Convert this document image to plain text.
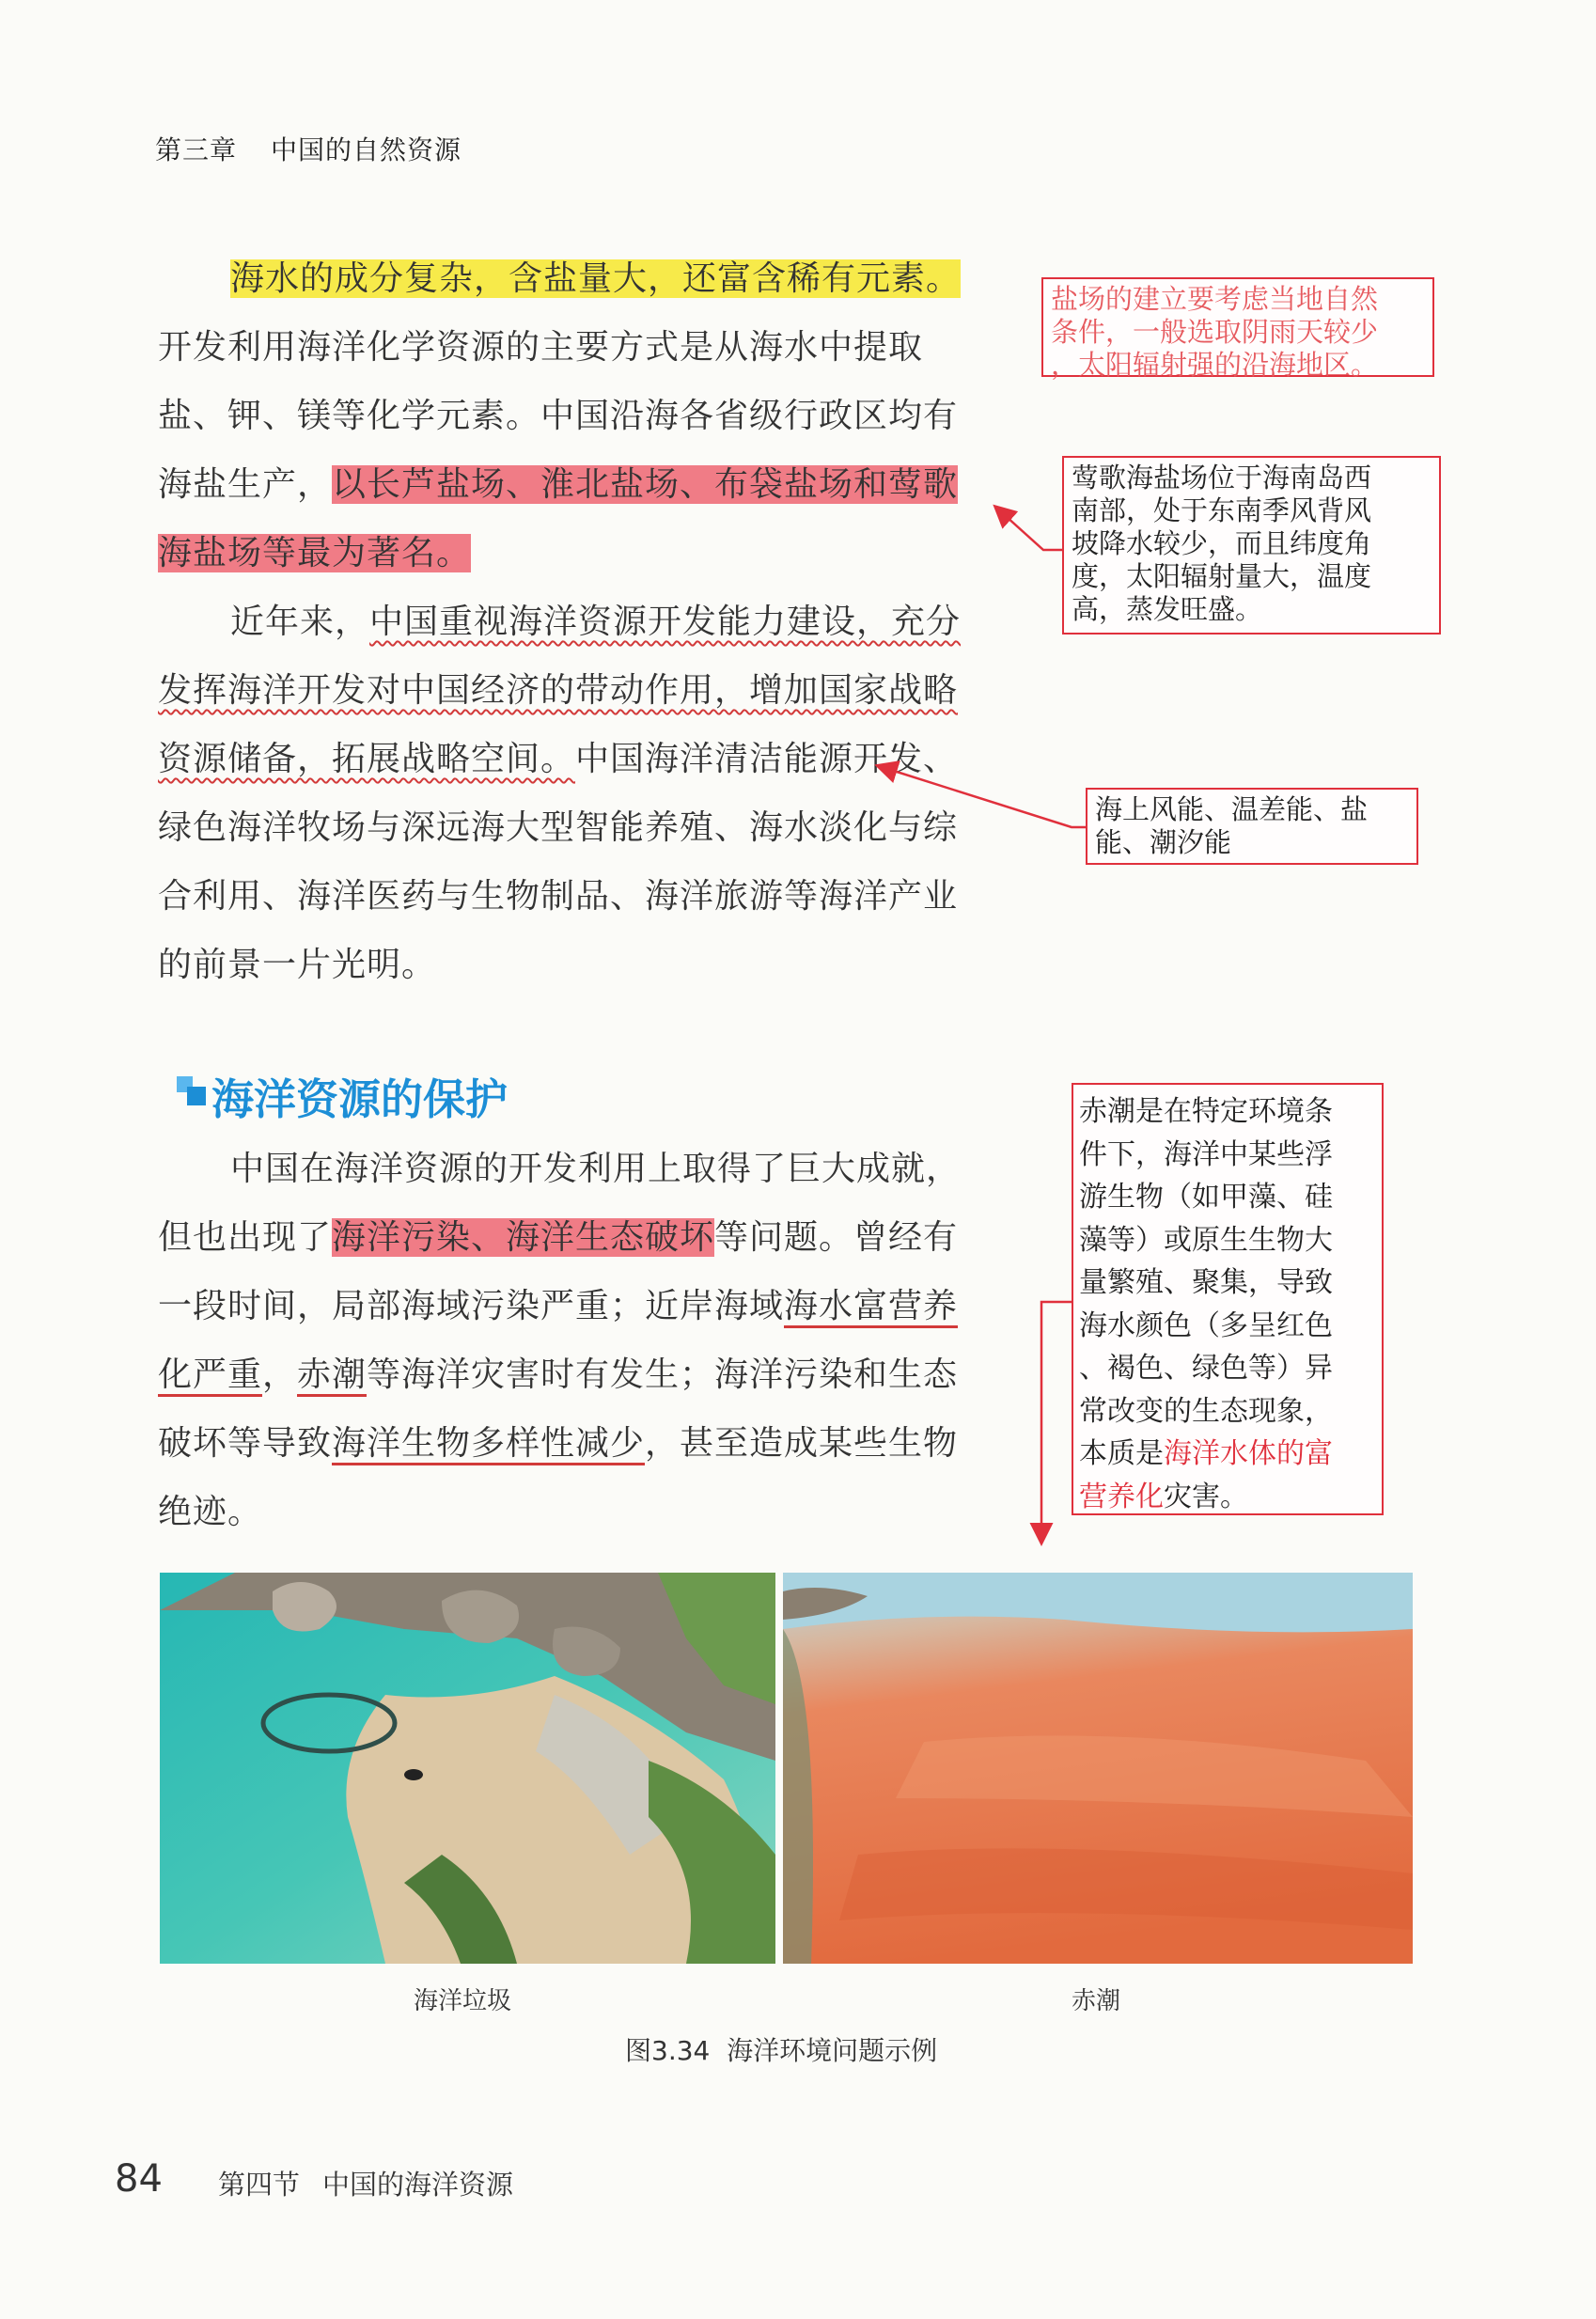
第三章 中国的自然资源
海水的成分复杂，含盐量大，还富含稀有元素。
开发利用海洋化学资源的主要方式是从海水中提取
盐、钾、镁等化学元素。中国沿海各省级行政区均有
海盐生产，以长芦盐场、淮北盐场、布袋盐场和莺歌
海盐场等最为著名。
近年来，中国重视海洋资源开发能力建设，充分
发挥海洋开发对中国经济的带动作用，增加国家战略
资源储备，拓展战略空间。中国海洋清洁能源开发、
绿色海洋牧场与深远海大型智能养殖、海水淡化与综
合利用、海洋医药与生物制品、海洋旅游等海洋产业
的前景一片光明。
盐场的建立要考虑当地自然
条件，一般选取阴雨天较少
，太阳辐射强的沿海地区。
莺歌海盐场位于海南岛西
南部，处于东南季风背风
坡降水较少，而且纬度角
度，太阳辐射量大，温度
高，蒸发旺盛。
海上风能、温差能、盐
能、潮汐能
海洋资源的保护
中国在海洋资源的开发利用上取得了巨大成就，
但也出现了海洋污染、海洋生态破坏等问题。曾经有
一段时间，局部海域污染严重；近岸海域海水富营养
化严重，赤潮等海洋灾害时有发生；海洋污染和生态
破坏等导致海洋生物多样性减少，甚至造成某些生物
绝迹。
赤潮是在特定环境条
件下，海洋中某些浮
游生物（如甲藻、硅
藻等）或原生生物大
量繁殖、聚集，导致
海水颜色（多呈红色
、褐色、绿色等）异
常改变的生态现象，
本质是海洋水体的富
营养化灾害。
海洋垃圾	赤潮
图3.34  海洋环境问题示例
84 第四节 中国的海洋资源
